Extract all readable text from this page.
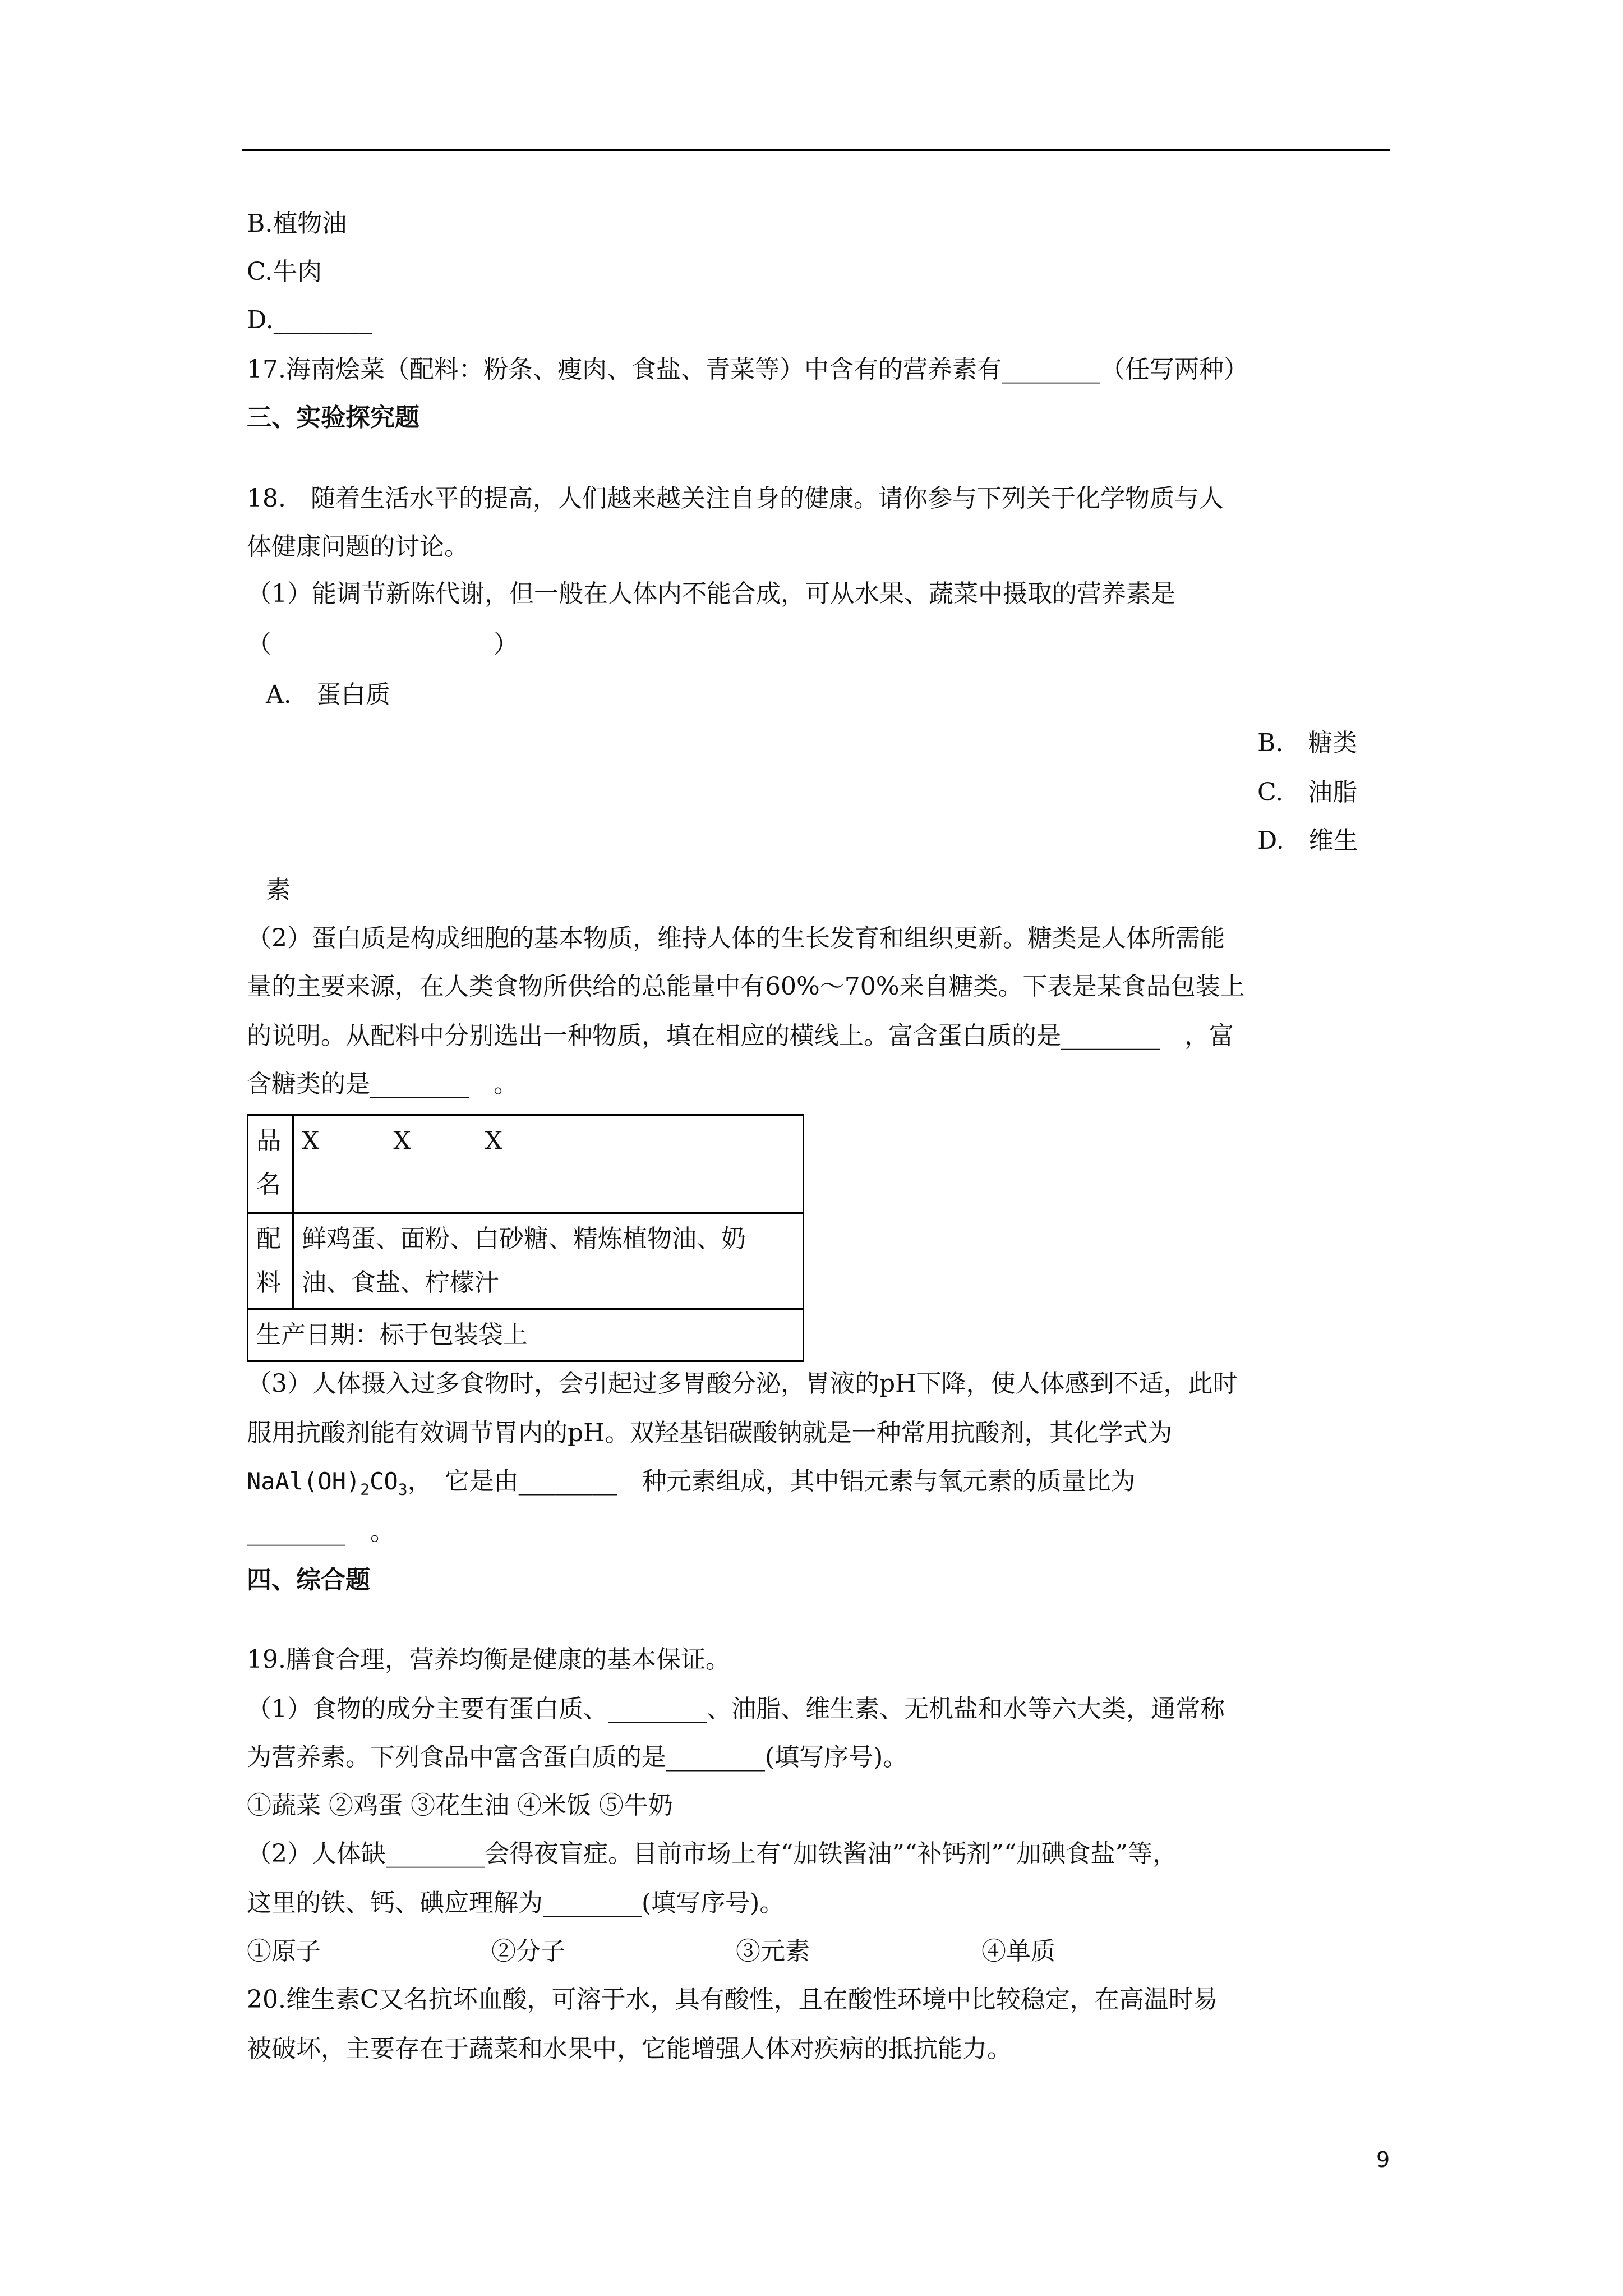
B.植物油
C.牛肉
D.________
17.海南烩菜（配料：粉条、瘦肉、食盐、青菜等）中含有的营养素有________（任写两种）
三、实验探究题
18.　随着生活水平的提高，人们越来越关注自身的健康。请你参与下列关于化学物质与人
体健康问题的讨论。
（1）能调节新陈代谢，但一般在人体内不能合成，可从水果、蔬菜中摄取的营养素是
（　　　　　　　　　）
A.　蛋白质
B.　糖类
C.　油脂
D.　维生
素
（2）蛋白质是构成细胞的基本物质，维持人体的生长发育和组织更新。糖类是人体所需能
量的主要来源，在人类食物所供给的总能量中有60%～70%来自糖类。下表是某食品包装上
的说明。从配料中分别选出一种物质，填在相应的横线上。富含蛋白质的是________　，富
含糖类的是________　。
品名	X　　　X　　　X
配料	鲜鸡蛋、面粉、白砂糖、精炼植物油、奶油、食盐、柠檬汁
生产日期：标于包装袋上	
（3）人体摄入过多食物时，会引起过多胃酸分泌，胃液的pH下降，使人体感到不适，此时
服用抗酸剂能有效调节胃内的pH。双羟基铝碳酸钠就是一种常用抗酸剂，其化学式为
$NaAl(OH)_2CO_3$，　它是由________　种元素组成，其中铝元素与氧元素的质量比为
________　。
四、综合题
19.膳食合理，营养均衡是健康的基本保证。
（1）食物的成分主要有蛋白质、________、油脂、维生素、无机盐和水等六大类，通常称
为营养素。下列食品中富含蛋白质的是________(填写序号)。
①蔬菜 ②鸡蛋 ③花生油 ④米饭 ⑤牛奶
（2）人体缺________会得夜盲症。目前市场上有“加铁酱油”“补钙剂”“加碘食盐”等，
这里的铁、钙、碘应理解为________(填写序号)。
①原子	②分子	③元素	④单质
20.维生素C又名抗坏血酸，可溶于水，具有酸性，且在酸性环境中比较稳定，在高温时易
被破坏，主要存在于蔬菜和水果中，它能增强人体对疾病的抵抗能力。
9
